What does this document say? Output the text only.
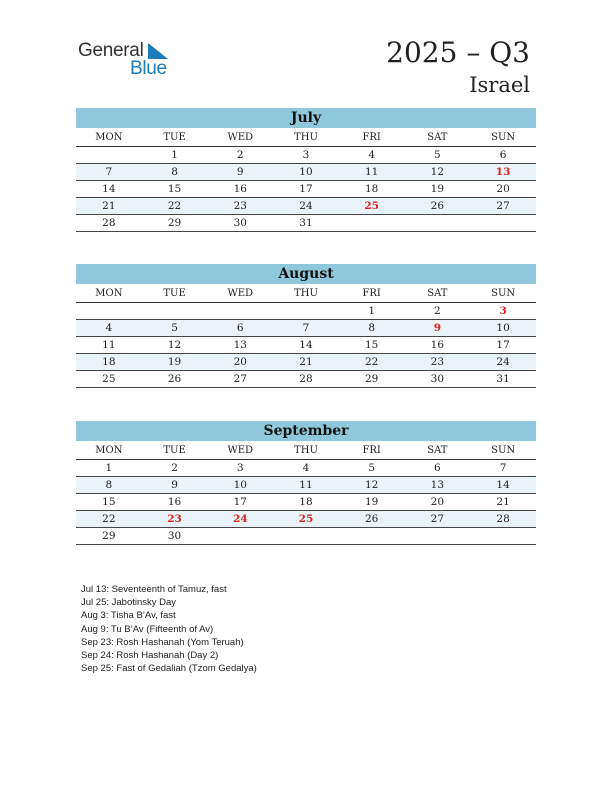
General
Blue	2025 – Q3
Israel
July
MON	TUE	WED	THU	FRI	SAT	SUN
	1	2	3	4	5	6
7	8	9	10	11	12	13
14	15	16	17	18	19	20
21	22	23	24	25	26	27
28	29	30	31			
August
MON	TUE	WED	THU	FRI	SAT	SUN
				1	2	3
4	5	6	7	8	9	10
11	12	13	14	15	16	17
18	19	20	21	22	23	24
25	26	27	28	29	30	31
September
MON	TUE	WED	THU	FRI	SAT	SUN
1	2	3	4	5	6	7
8	9	10	11	12	13	14
15	16	17	18	19	20	21
22	23	24	25	26	27	28
29	30					
Jul 13: Seventeenth of Tamuz, fast
Jul 25: Jabotinsky Day
Aug 3: Tisha B’Av, fast
Aug 9: Tu B’Av (Fifteenth of Av)
Sep 23: Rosh Hashanah (Yom Teruah)
Sep 24: Rosh Hashanah (Day 2)
Sep 25: Fast of Gedaliah (Tzom Gedalya)
